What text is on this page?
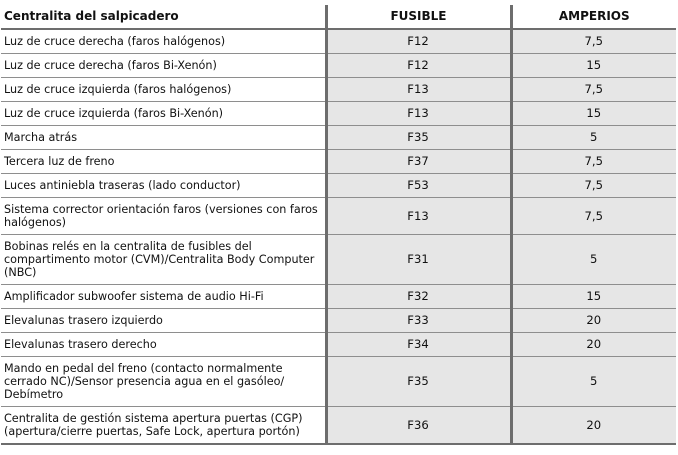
Centralita del salpicadero	FUSIBLE	AMPERIOS
Luz de cruce derecha (faros halógenos)	F12	7,5
Luz de cruce derecha (faros Bi-Xenón)	F12	15
Luz de cruce izquierda (faros halógenos)	F13	7,5
Luz de cruce izquierda (faros Bi-Xenón)	F13	15
Marcha atrás	F35	5
Tercera luz de freno	F37	7,5
Luces antiniebla traseras (lado conductor)	F53	7,5
Sistema corrector orientación faros (versiones con faros halógenos)	F13	7,5
Bobinas relés en la centralita de fusibles del compartimento motor (CVM)/Centralita Body Computer (NBC)	F31	5
Amplificador subwoofer sistema de audio Hi-Fi	F32	15
Elevalunas trasero izquierdo	F33	20
Elevalunas trasero derecho	F34	20
Mando en pedal del freno (contacto normalmente cerrado NC)/Sensor presencia agua en el gasóleo/ Debímetro	F35	5
Centralita de gestión sistema apertura puertas (CGP) (apertura/cierre puertas, Safe Lock, apertura portón)	F36	20
